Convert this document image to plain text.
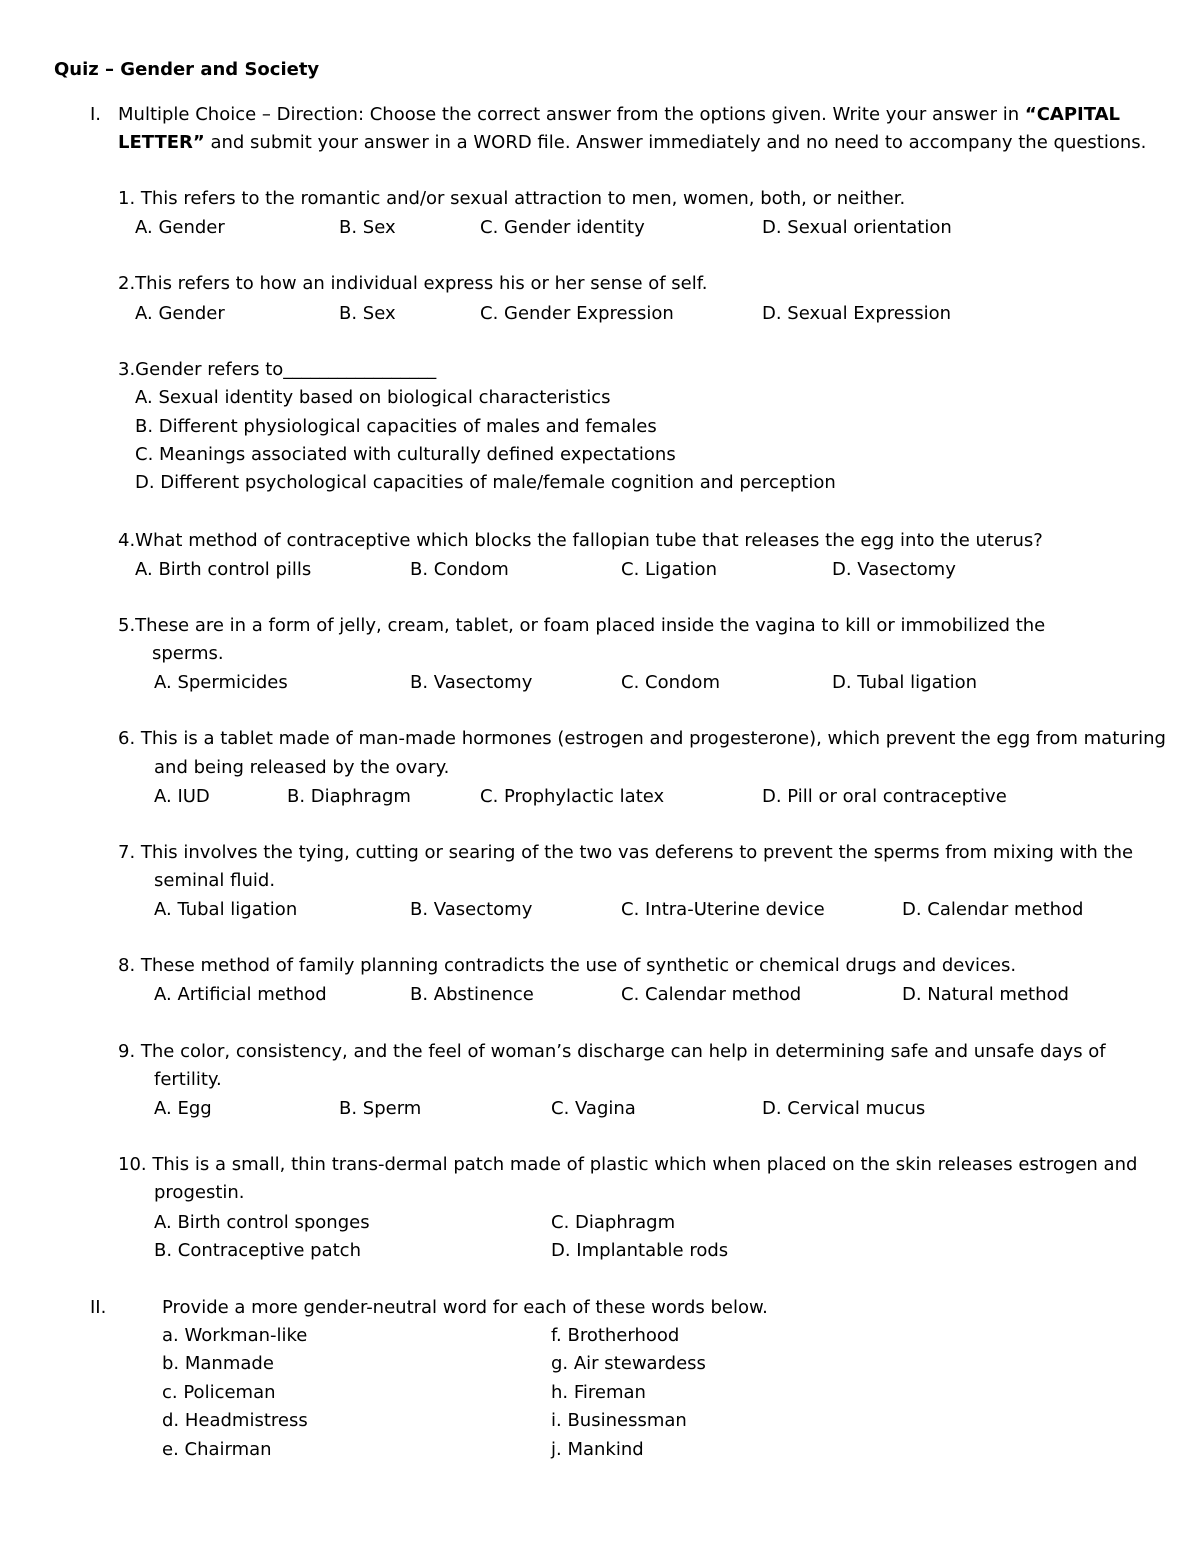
Quiz – Gender and Society
I. Multiple Choice – Direction: Choose the correct answer from the options given. Write your answer in “CAPITAL
LETTER” and submit your answer in a WORD file. Answer immediately and no need to accompany the questions.
1. This refers to the romantic and/or sexual attraction to men, women, both, or neither.
A. Gender	B. Sex	C. Gender identity	D. Sexual orientation
2.This refers to how an individual express his or her sense of self.
A. Gender	B. Sex	C. Gender Expression	D. Sexual Expression
3.Gender refers to_________________
A. Sexual identity based on biological characteristics
B. Different physiological capacities of males and females
C. Meanings associated with culturally defined expectations
D. Different psychological capacities of male/female cognition and perception
4.What method of contraceptive which blocks the fallopian tube that releases the egg into the uterus?
A. Birth control pills	B. Condom	C. Ligation	D. Vasectomy
5.These are in a form of jelly, cream, tablet, or foam placed inside the vagina to kill or immobilized the
sperms.
A. Spermicides	B. Vasectomy	C. Condom	D. Tubal ligation
6. This is a tablet made of man-made hormones (estrogen and progesterone), which prevent the egg from maturing
and being released by the ovary.
A. IUD	B. Diaphragm	C. Prophylactic latex	D. Pill or oral contraceptive
7. This involves the tying, cutting or searing of the two vas deferens to prevent the sperms from mixing with the
seminal fluid.
A. Tubal ligation	B. Vasectomy	C. Intra-Uterine device	D. Calendar method
8. These method of family planning contradicts the use of synthetic or chemical drugs and devices.
A. Artificial method	B. Abstinence	C. Calendar method	D. Natural method
9. The color, consistency, and the feel of woman’s discharge can help in determining safe and unsafe days of
fertility.
A. Egg	B. Sperm	C. Vagina	D. Cervical mucus
10. This is a small, thin trans-dermal patch made of plastic which when placed on the skin releases estrogen and
progestin.
A. Birth control sponges	C. Diaphragm
B. Contraceptive patch	D. Implantable rods
II.	Provide a more gender-neutral word for each of these words below.
a. Workman-like	f. Brotherhood
b. Manmade	g. Air stewardess
c. Policeman	h. Fireman
d. Headmistress	i. Businessman
e. Chairman	j. Mankind
